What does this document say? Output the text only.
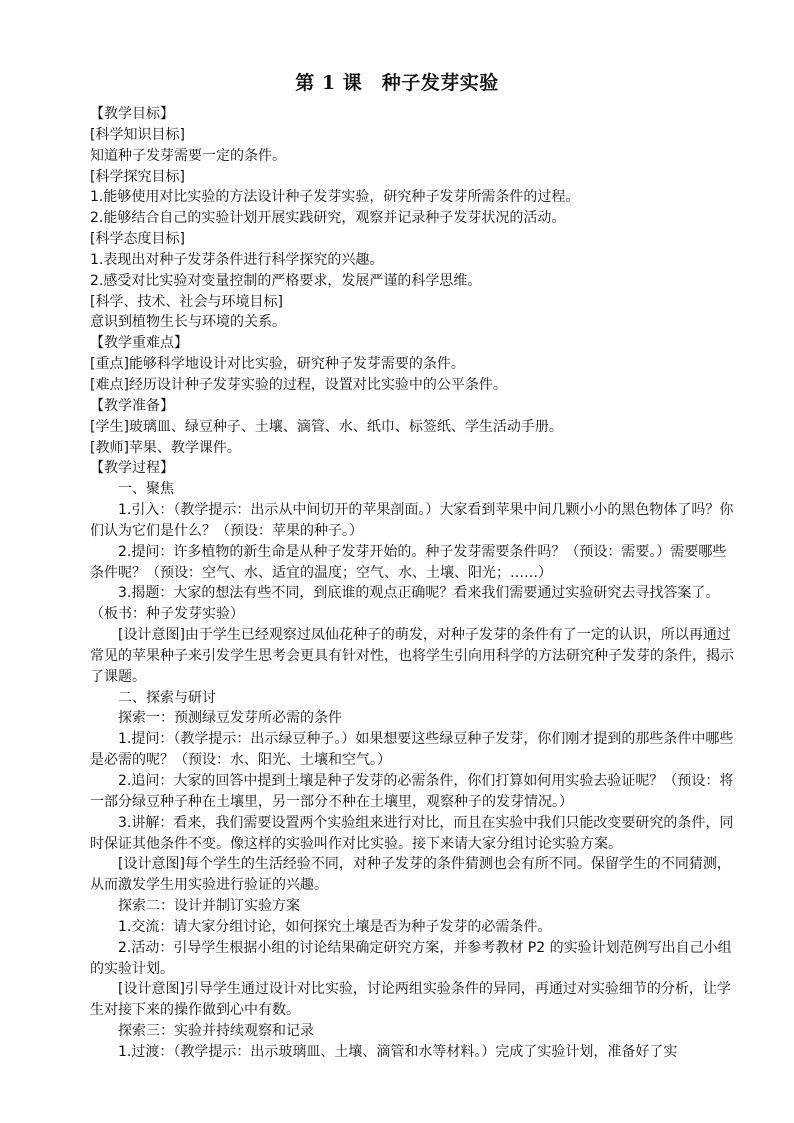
第 1 课　种子发芽实验

【教学目标】

[科学知识目标]

知道种子发芽需要一定的条件。

[科学探究目标]

1.能够使用对比实验的方法设计种子发芽实验，研究种子发芽所需条件的过程。

2.能够结合自己的实验计划开展实践研究，观察并记录种子发芽状况的活动。

[科学态度目标]

1.表现出对种子发芽条件进行科学探究的兴趣。

2.感受对比实验对变量控制的严格要求，发展严谨的科学思维。

[科学、技术、社会与环境目标]

意识到植物生长与环境的关系。

【教学重难点】

[重点]能够科学地设计对比实验，研究种子发芽需要的条件。

[难点]经历设计种子发芽实验的过程，设置对比实验中的公平条件。

【教学准备】

[学生]玻璃皿、绿豆种子、土壤、滴管、水、纸巾、标签纸、学生活动手册。

[教师]苹果、教学课件。

【教学过程】

一、聚焦

1.引入：（教学提示：出示从中间切开的苹果剖面。）大家看到苹果中间几颗小小的黑色物体了吗？你们认为它们是什么？（预设：苹果的种子。）

2.提问：许多植物的新生命是从种子发芽开始的。种子发芽需要条件吗？（预设：需要。）需要哪些条件呢？（预设：空气、水、适宜的温度；空气、水、土壤、阳光；……）

3.揭题：大家的想法有些不同，到底谁的观点正确呢？看来我们需要通过实验研究去寻找答案了。（板书：种子发芽实验）

[设计意图]由于学生已经观察过凤仙花种子的萌发，对种子发芽的条件有了一定的认识，所以再通过常见的苹果种子来引发学生思考会更具有针对性，也将学生引向用科学的方法研究种子发芽的条件，揭示了课题。

二、探索与研讨

探索一：预测绿豆发芽所必需的条件

1.提问：（教学提示：出示绿豆种子。）如果想要这些绿豆种子发芽，你们刚才提到的那些条件中哪些是必需的呢？（预设：水、阳光、土壤和空气。）

2.追问：大家的回答中提到土壤是种子发芽的必需条件，你们打算如何用实验去验证呢？（预设：将一部分绿豆种子种在土壤里，另一部分不种在土壤里，观察种子的发芽情况。）

3.讲解：看来，我们需要设置两个实验组来进行对比，而且在实验中我们只能改变要研究的条件，同时保证其他条件不变。像这样的实验叫作对比实验。接下来请大家分组讨论实验方案。

[设计意图]每个学生的生活经验不同，对种子发芽的条件猜测也会有所不同。保留学生的不同猜测，从而激发学生用实验进行验证的兴趣。

探索二：设计并制订实验方案

1.交流：请大家分组讨论，如何探究土壤是否为种子发芽的必需条件。

2.活动：引导学生根据小组的讨论结果确定研究方案，并参考教材 P2 的实验计划范例写出自己小组的实验计划。

[设计意图]引导学生通过设计对比实验，讨论两组实验条件的异同，再通过对实验细节的分析，让学生对接下来的操作做到心中有数。

探索三：实验并持续观察和记录

1.过渡：（教学提示：出示玻璃皿、土壤、滴管和水等材料。）完成了实验计划，准备好了实
